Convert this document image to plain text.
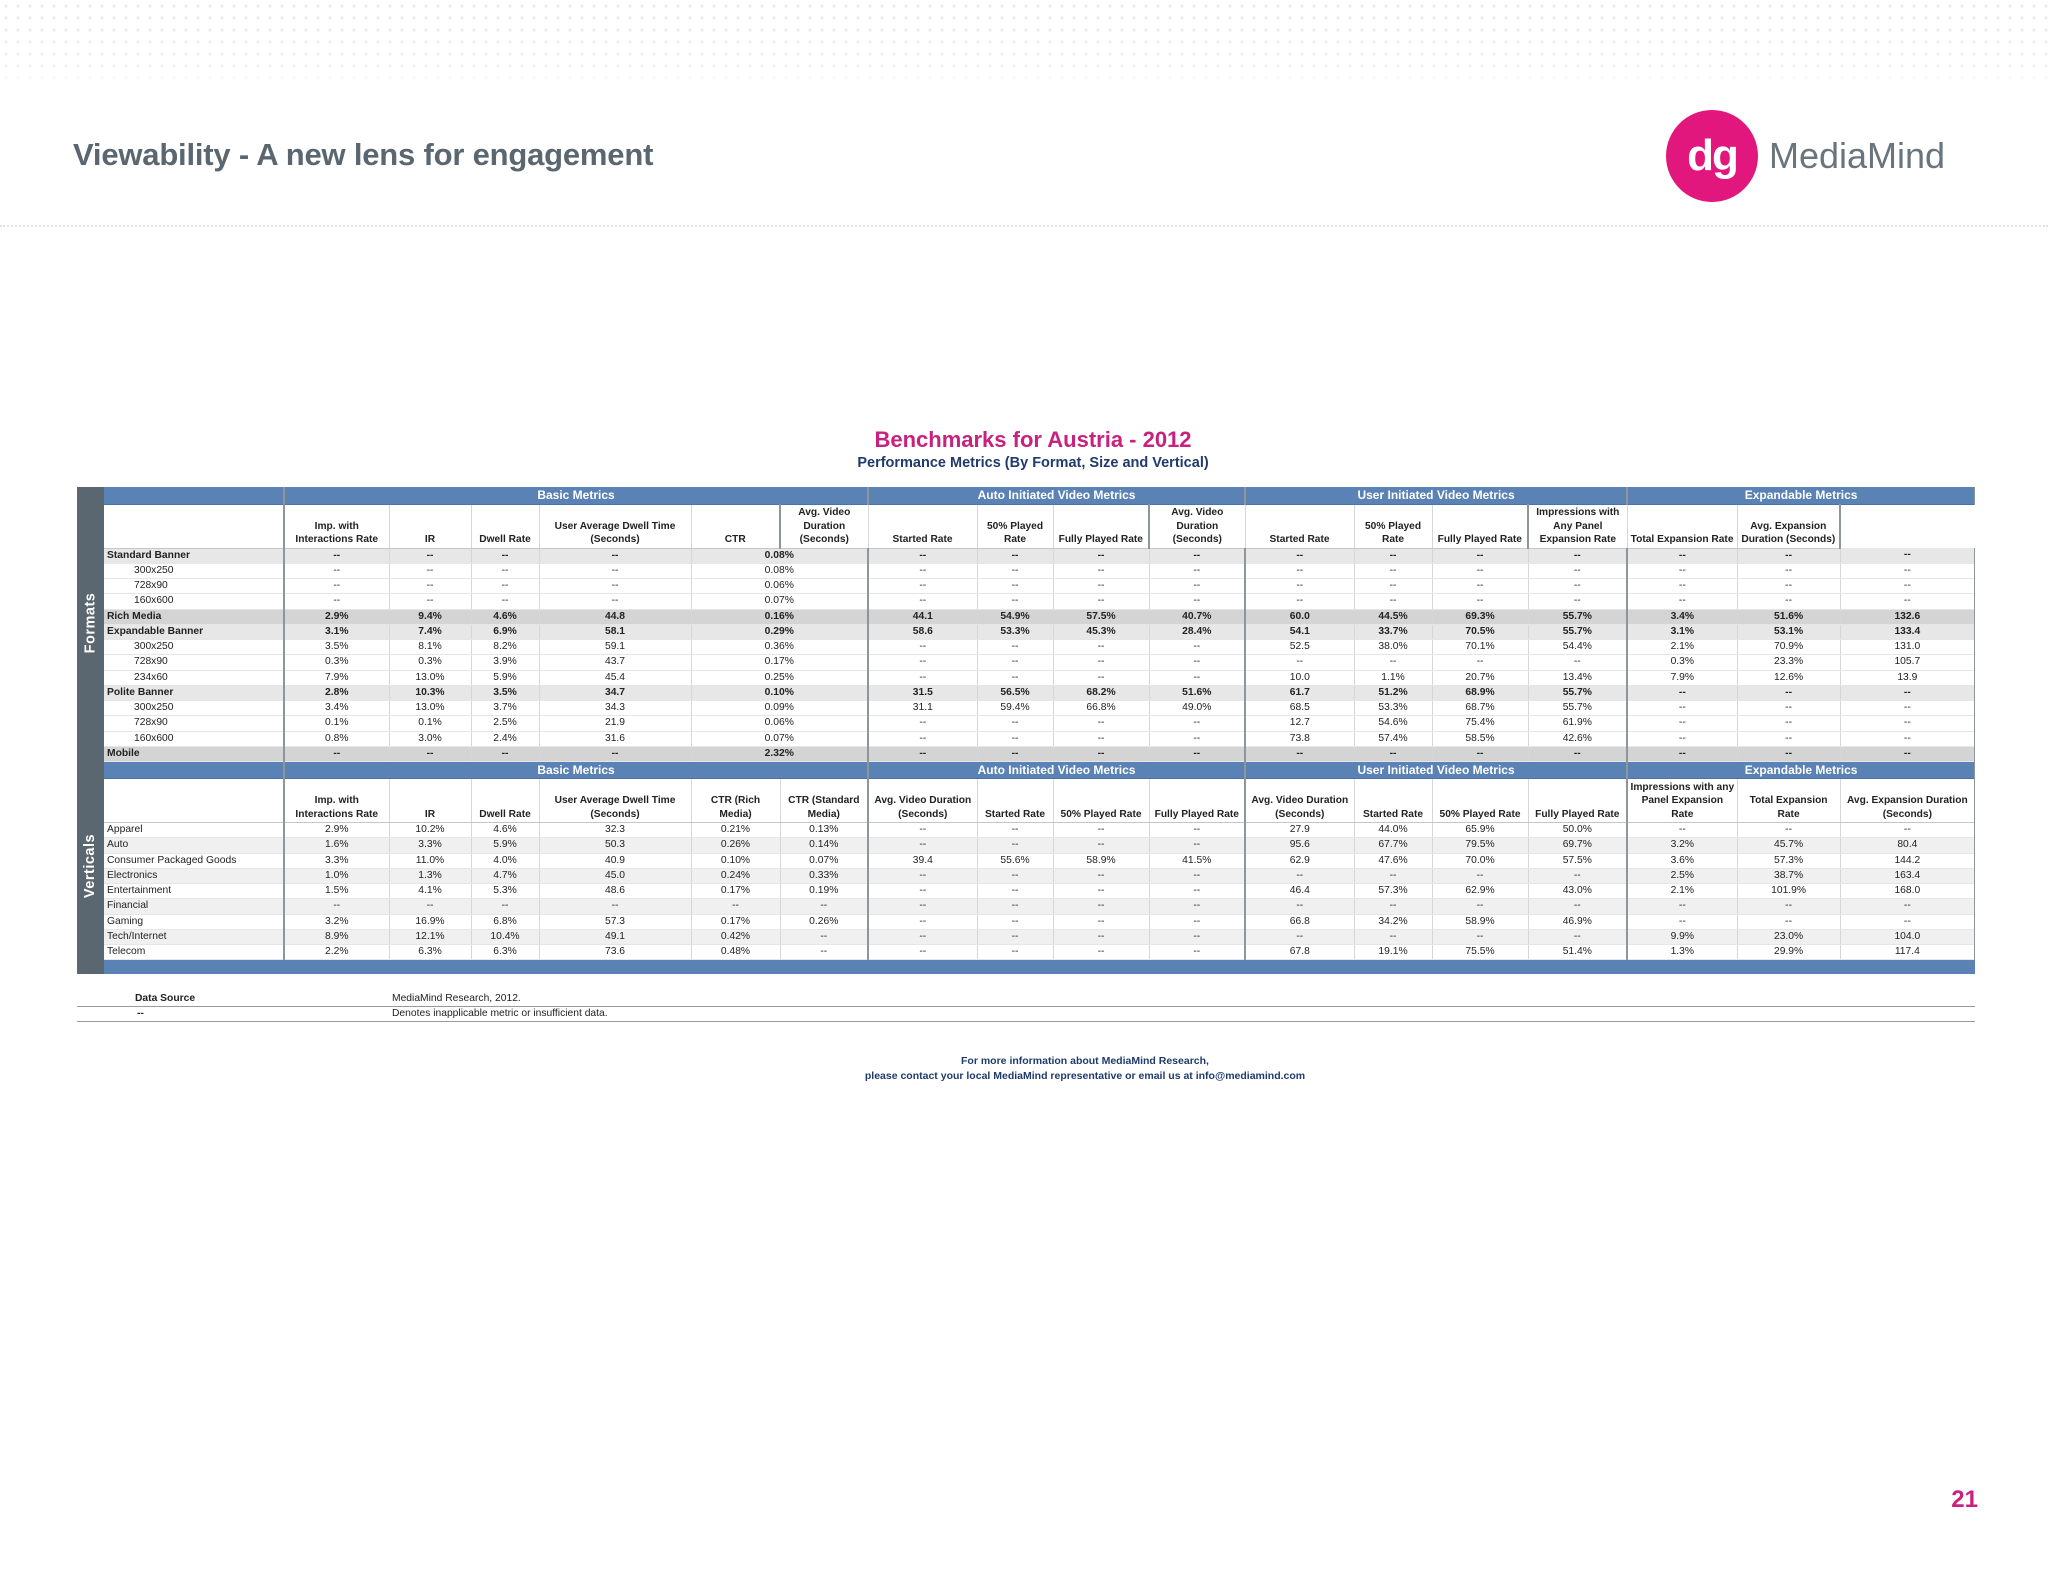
Viewability - A new lens for engagement	dg MediaMind
Benchmarks for Austria - 2012
Performance Metrics (By Format, Size and Vertical)
Formats
Verticals
	Basic Metrics						Auto Initiated Video Metrics				User Initiated Video Metrics				Expandable Metrics		
	Imp. with Interactions Rate	IR	Dwell Rate	User Average Dwell Time (Seconds)	CTR	Avg. Video Duration (Seconds)	Started Rate	50% Played Rate	Fully Played Rate	Avg. Video Duration (Seconds)	Started Rate	50% Played Rate	Fully Played Rate	Impressions with Any Panel Expansion Rate	Total Expansion Rate	Avg. Expansion Duration (Seconds)	
Standard Banner	--	--	--	--	0.08%		--	--	--	--	--	--	--	--	--	--	--
300x250	--	--	--	--	0.08%		--	--	--	--	--	--	--	--	--	--	--
728x90	--	--	--	--	0.06%		--	--	--	--	--	--	--	--	--	--	--
160x600	--	--	--	--	0.07%		--	--	--	--	--	--	--	--	--	--	--
Rich Media	2.9%	9.4%	4.6%	44.8	0.16%		44.1	54.9%	57.5%	40.7%	60.0	44.5%	69.3%	55.7%	3.4%	51.6%	132.6
Expandable Banner	3.1%	7.4%	6.9%	58.1	0.29%		58.6	53.3%	45.3%	28.4%	54.1	33.7%	70.5%	55.7%	3.1%	53.1%	133.4
300x250	3.5%	8.1%	8.2%	59.1	0.36%		--	--	--	--	52.5	38.0%	70.1%	54.4%	2.1%	70.9%	131.0
728x90	0.3%	0.3%	3.9%	43.7	0.17%		--	--	--	--	--	--	--	--	0.3%	23.3%	105.7
234x60	7.9%	13.0%	5.9%	45.4	0.25%		--	--	--	--	10.0	1.1%	20.7%	13.4%	7.9%	12.6%	13.9
Polite Banner	2.8%	10.3%	3.5%	34.7	0.10%		31.5	56.5%	68.2%	51.6%	61.7	51.2%	68.9%	55.7%	--	--	--
300x250	3.4%	13.0%	3.7%	34.3	0.09%		31.1	59.4%	66.8%	49.0%	68.5	53.3%	68.7%	55.7%	--	--	--
728x90	0.1%	0.1%	2.5%	21.9	0.06%		--	--	--	--	12.7	54.6%	75.4%	61.9%	--	--	--
160x600	0.8%	3.0%	2.4%	31.6	0.07%		--	--	--	--	73.8	57.4%	58.5%	42.6%	--	--	--
Mobile	--	--	--	--	2.32%		--	--	--	--	--	--	--	--	--	--	--
	Basic Metrics						Auto Initiated Video Metrics				User Initiated Video Metrics				Expandable Metrics		
	Imp. with Interactions Rate	IR	Dwell Rate	User Average Dwell Time (Seconds)	CTR (Rich Media)	CTR (Standard Media)	Avg. Video Duration (Seconds)	Started Rate	50% Played Rate	Fully Played Rate	Avg. Video Duration (Seconds)	Started Rate	50% Played Rate	Fully Played Rate	Impressions with any Panel Expansion Rate	Total Expansion Rate	Avg. Expansion Duration (Seconds)
Apparel	2.9%	10.2%	4.6%	32.3	0.21%	0.13%	--	--	--	--	27.9	44.0%	65.9%	50.0%	--	--	--
Auto	1.6%	3.3%	5.9%	50.3	0.26%	0.14%	--	--	--	--	95.6	67.7%	79.5%	69.7%	3.2%	45.7%	80.4
Consumer Packaged Goods	3.3%	11.0%	4.0%	40.9	0.10%	0.07%	39.4	55.6%	58.9%	41.5%	62.9	47.6%	70.0%	57.5%	3.6%	57.3%	144.2
Electronics	1.0%	1.3%	4.7%	45.0	0.24%	0.33%	--	--	--	--	--	--	--	--	2.5%	38.7%	163.4
Entertainment	1.5%	4.1%	5.3%	48.6	0.17%	0.19%	--	--	--	--	46.4	57.3%	62.9%	43.0%	2.1%	101.9%	168.0
Financial	--	--	--	--	--	--	--	--	--	--	--	--	--	--	--	--	--
Gaming	3.2%	16.9%	6.8%	57.3	0.17%	0.26%	--	--	--	--	66.8	34.2%	58.9%	46.9%	--	--	--
Tech/Internet	8.9%	12.1%	10.4%	49.1	0.42%	--	--	--	--	--	--	--	--	--	9.9%	23.0%	104.0
Telecom	2.2%	6.3%	6.3%	73.6	0.48%	--	--	--	--	--	67.8	19.1%	75.5%	51.4%	1.3%	29.9%	117.4

Data Source	MediaMind Research, 2012.
--	Denotes inapplicable metric or insufficient data.
For more information about MediaMind Research,
please contact your local MediaMind representative or email us at info@mediamind.com
21
